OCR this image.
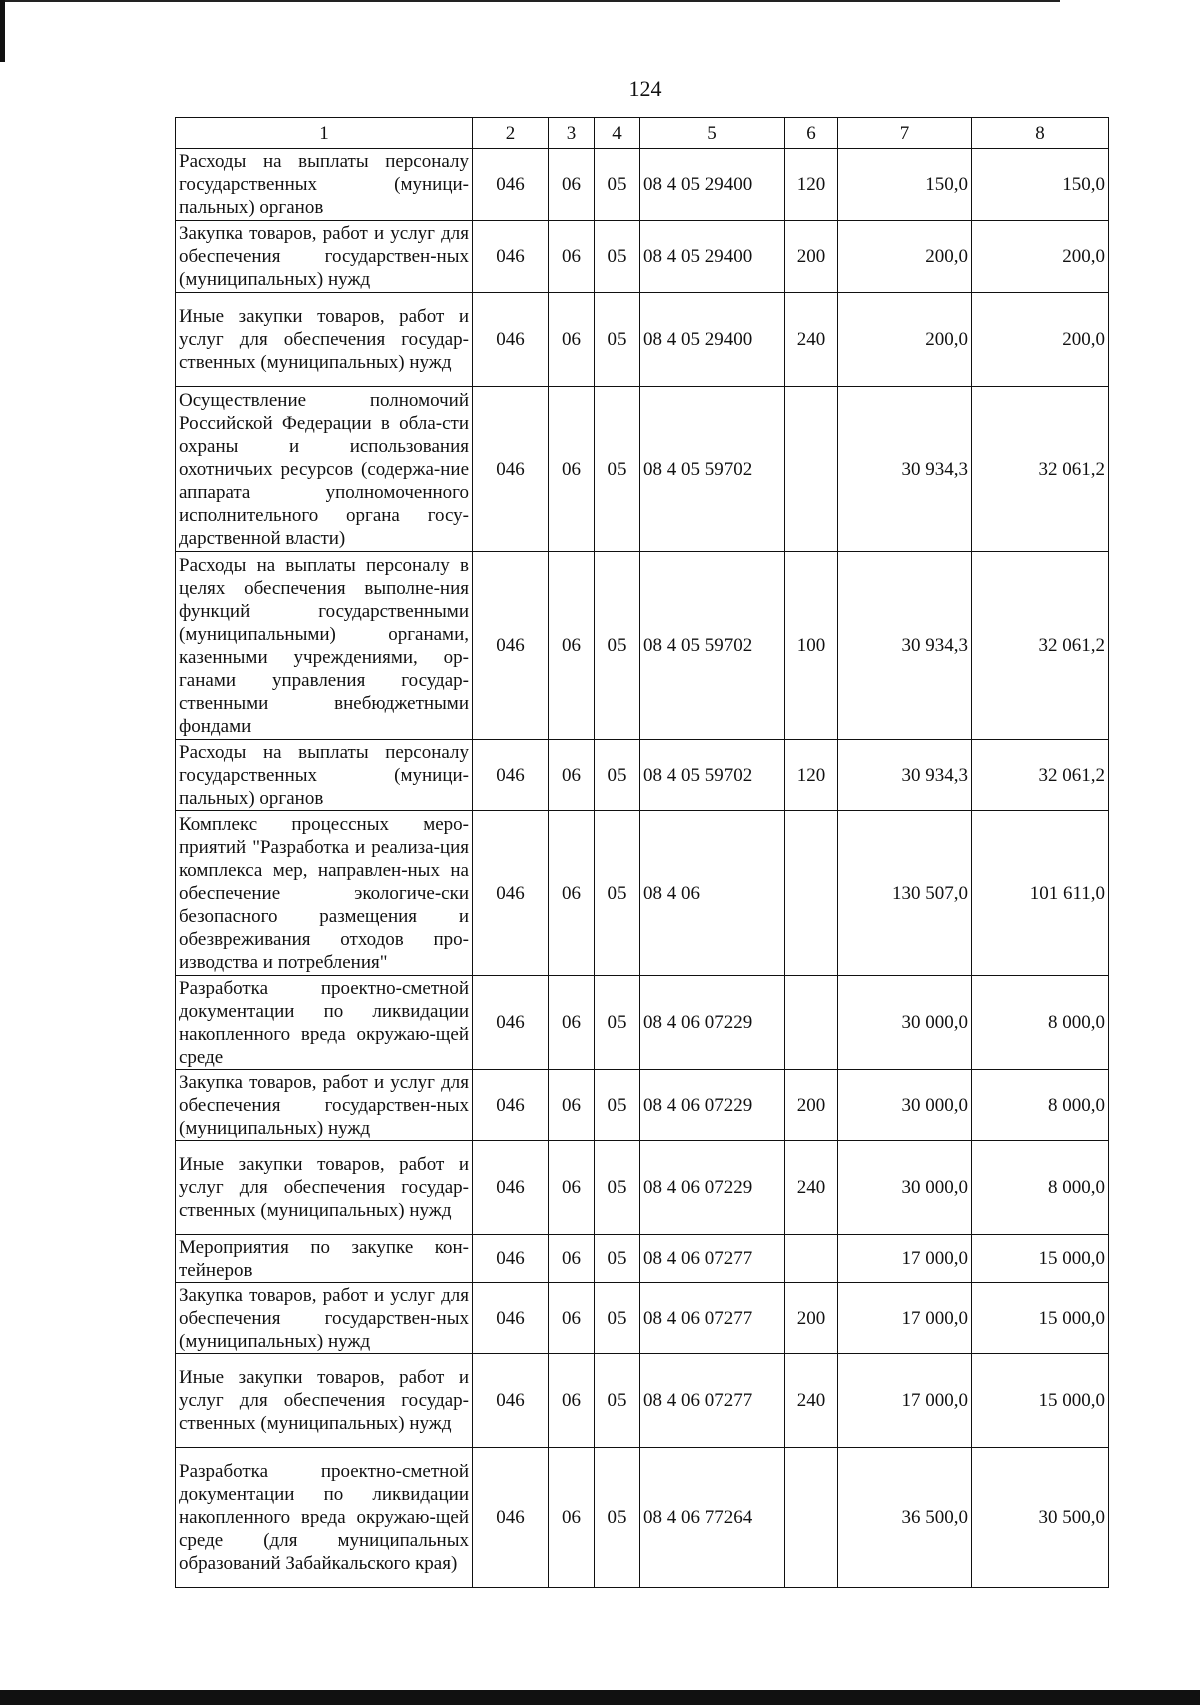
124
1	2	3	4	5	6	7	8
Расходы на выплаты персоналу государственных (муници-пальных) органов	046	06	05	08 4 05 29400	120	150,0	150,0
Закупка товаров, работ и услуг для обеспечения государствен-ных (муниципальных) нужд	046	06	05	08 4 05 29400	200	200,0	200,0
Иные закупки товаров, работ и услуг для обеспечения государ-ственных (муниципальных) нужд	046	06	05	08 4 05 29400	240	200,0	200,0
Осуществление полномочий Российской Федерации в обла-сти охраны и использования охотничьих ресурсов (содержа-ние аппарата уполномоченного исполнительного органа госу-дарственной власти)	046	06	05	08 4 05 59702		30 934,3	32 061,2
Расходы на выплаты персоналу в целях обеспечения выполне-ния функций государственными (муниципальными) органами, казенными учреждениями, ор-ганами управления государ-ственными внебюджетными фондами	046	06	05	08 4 05 59702	100	30 934,3	32 061,2
Расходы на выплаты персоналу государственных (муници-пальных) органов	046	06	05	08 4 05 59702	120	30 934,3	32 061,2
Комплекс процессных меро-приятий "Разработка и реализа-ция комплекса мер, направлен-ных на обеспечение экологиче-ски безопасного размещения и обезвреживания отходов про-изводства и потребления"	046	06	05	08 4 06		130 507,0	101 611,0
Разработка проектно-сметной документации по ликвидации накопленного вреда окружаю-щей среде	046	06	05	08 4 06 07229		30 000,0	8 000,0
Закупка товаров, работ и услуг для обеспечения государствен-ных (муниципальных) нужд	046	06	05	08 4 06 07229	200	30 000,0	8 000,0
Иные закупки товаров, работ и услуг для обеспечения государ-ственных (муниципальных) нужд	046	06	05	08 4 06 07229	240	30 000,0	8 000,0
Мероприятия по закупке кон-тейнеров	046	06	05	08 4 06 07277		17 000,0	15 000,0
Закупка товаров, работ и услуг для обеспечения государствен-ных (муниципальных) нужд	046	06	05	08 4 06 07277	200	17 000,0	15 000,0
Иные закупки товаров, работ и услуг для обеспечения государ-ственных (муниципальных) нужд	046	06	05	08 4 06 07277	240	17 000,0	15 000,0
Разработка проектно-сметной документации по ликвидации накопленного вреда окружаю-щей среде (для муниципальных образований Забайкальского края)	046	06	05	08 4 06 77264		36 500,0	30 500,0
